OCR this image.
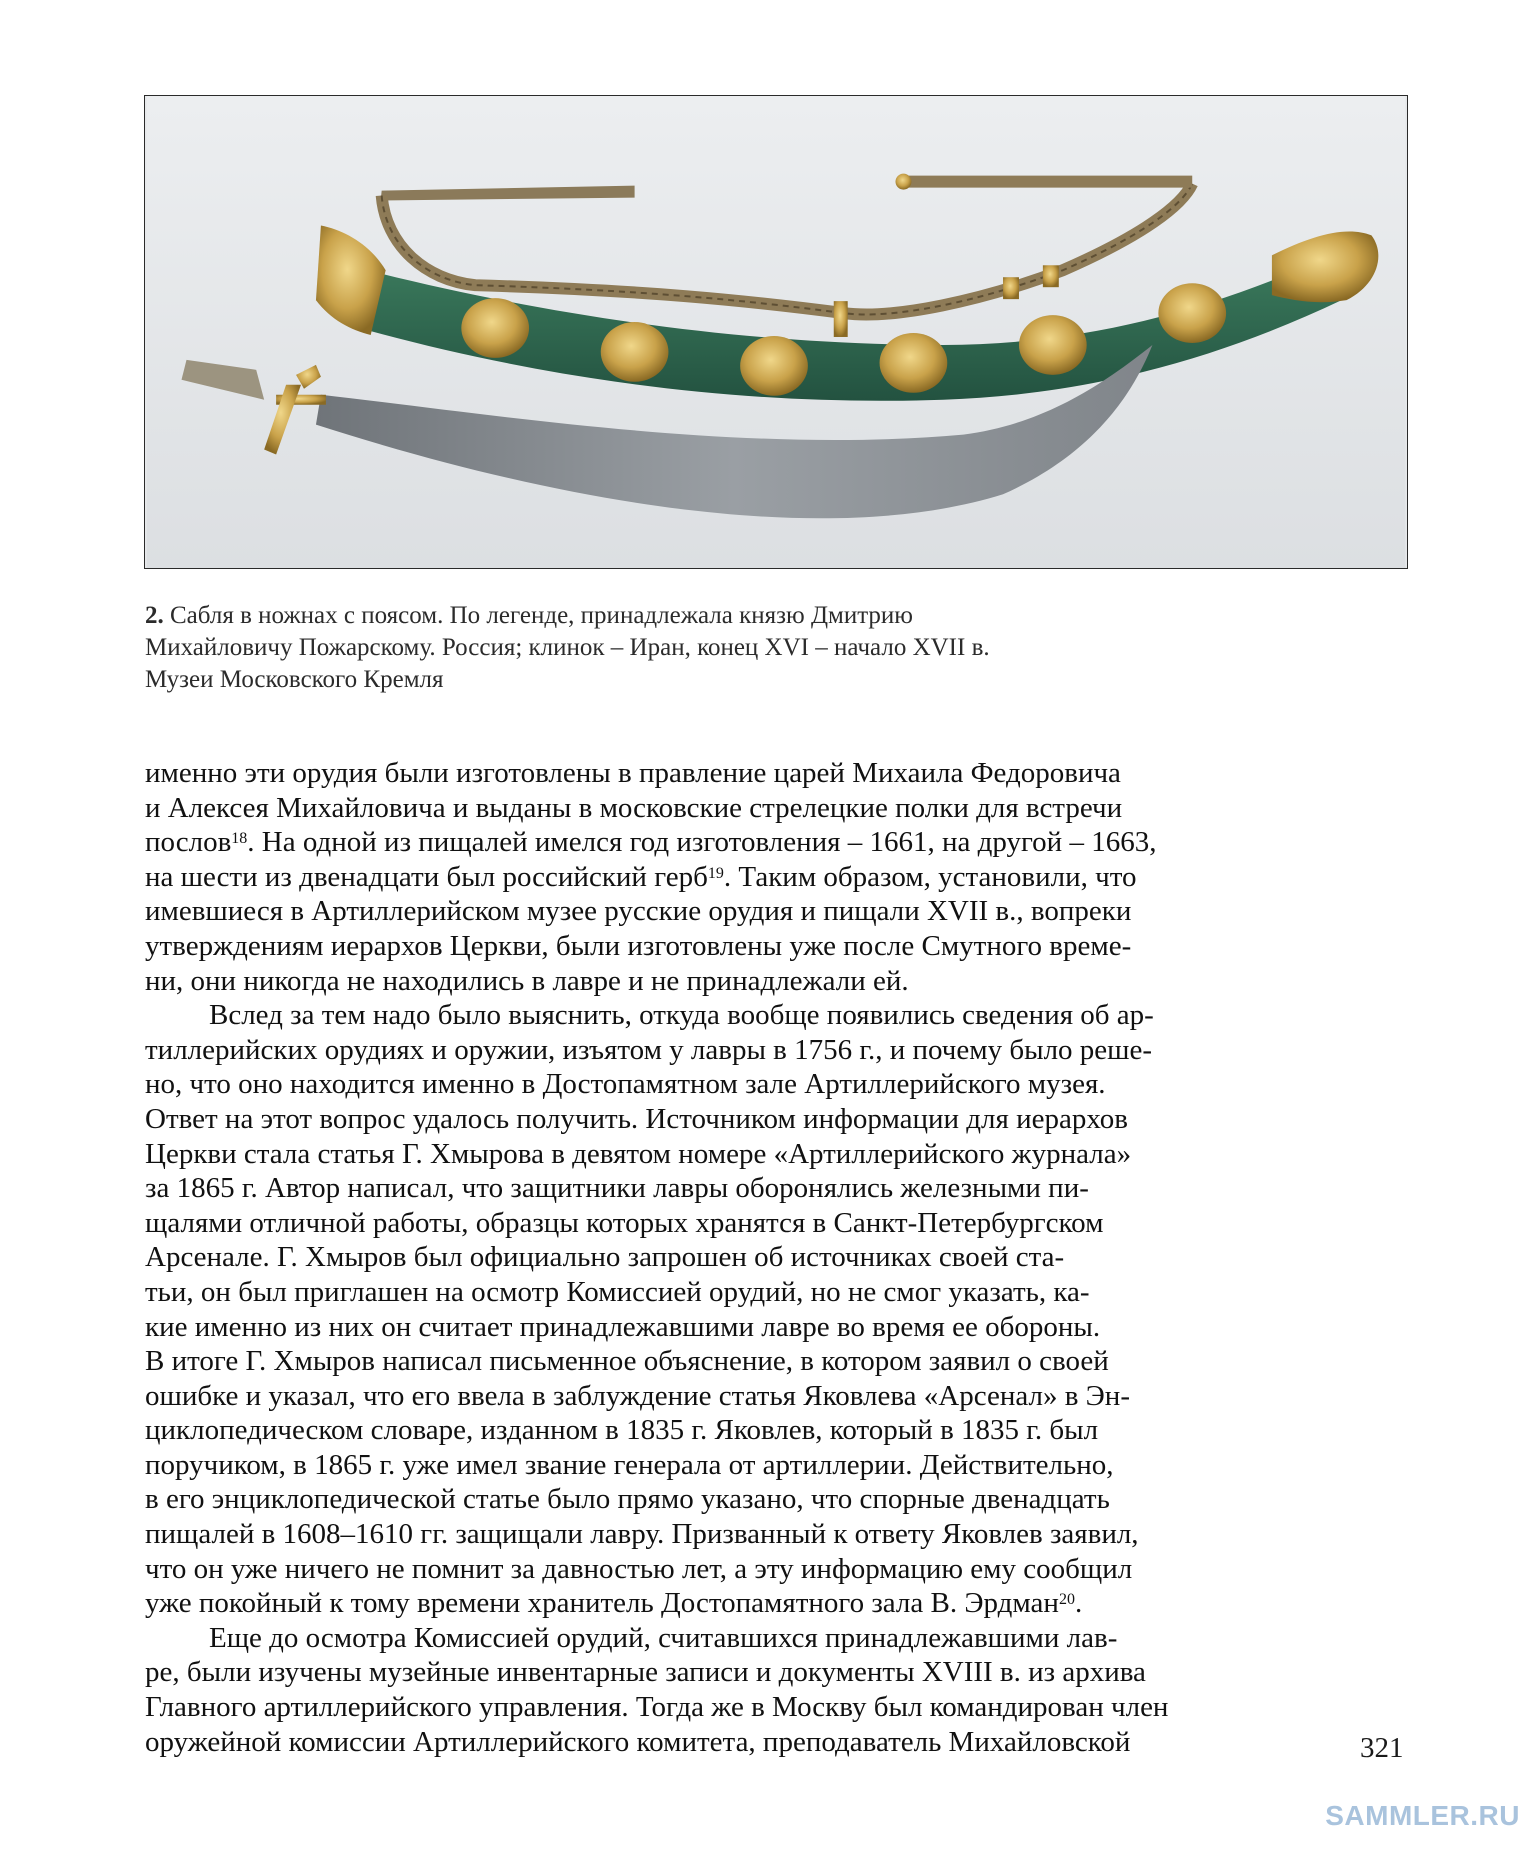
2. Сабля в ножнах с поясом. По легенде, принадлежала князю Дмитрию
Михайловичу Пожарскому. Россия; клинок – Иран, конец XVI – начало XVII в.
Музеи Московского Кремля
именно эти орудия были изготовлены в правление царей Михаила Федоровича
и Алексея Михайловича и выданы в московские стрелецкие полки для встречи
послов$^{18}$. На одной из пищалей имелся год изготовления – 1661, на другой – 1663,
на шести из двенадцати был российский герб$^{19}$. Таким образом, установили, что
имевшиеся в Артиллерийском музее русские орудия и пищали XVII в., вопреки
утверждениям иерархов Церкви, были изготовлены уже после Смутного време-
ни, они никогда не находились в лавре и не принадлежали ей.
Вслед за тем надо было выяснить, откуда вообще появились сведения об ар-
тиллерийских орудиях и оружии, изъятом у лавры в 1756 г., и почему было реше-
но, что оно находится именно в Достопамятном зале Артиллерийского музея.
Ответ на этот вопрос удалось получить. Источником информации для иерархов
Церкви стала статья Г. Хмырова в девятом номере «Артиллерийского журнала»
за 1865 г. Автор написал, что защитники лавры оборонялись железными пи-
щалями отличной работы, образцы которых хранятся в Санкт-Петербургском
Арсенале. Г. Хмыров был официально запрошен об источниках своей ста-
тьи, он был приглашен на осмотр Комиссией орудий, но не смог указать, ка-
кие именно из них он считает принадлежавшими лавре во время ее обороны.
В итоге Г. Хмыров написал письменное объяснение, в котором заявил о своей
ошибке и указал, что его ввела в заблуждение статья Яковлева «Арсенал» в Эн-
циклопедическом словаре, изданном в 1835 г. Яковлев, который в 1835 г. был
поручиком, в 1865 г. уже имел звание генерала от артиллерии. Действительно,
в его энциклопедической статье было прямо указано, что спорные двенадцать
пищалей в 1608–1610 гг. защищали лавру. Призванный к ответу Яковлев заявил,
что он уже ничего не помнит за давностью лет, а эту информацию ему сообщил
уже покойный к тому времени хранитель Достопамятного зала В. Эрдман$^{20}$.
Еще до осмотра Комиссией орудий, считавшихся принадлежавшими лав-
ре, были изучены музейные инвентарные записи и документы XVIII в. из архива
Главного артиллерийского управления. Тогда же в Москву был командирован член
оружейной комиссии Артиллерийского комитета, преподаватель Михайловской	321
SAMMLER.RU
